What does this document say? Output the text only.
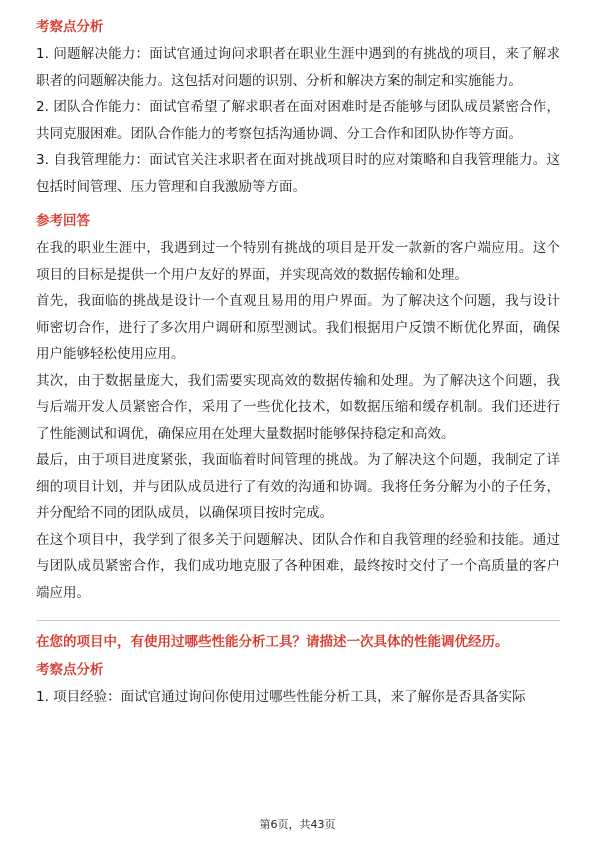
考察点分析

1. 问题解决能力：面试官通过询问求职者在职业生涯中遇到的有挑战的项目，来了解求职者的问题解决能力。这包括对问题的识别、分析和解决方案的制定和实施能力。

2. 团队合作能力：面试官希望了解求职者在面对困难时是否能够与团队成员紧密合作，共同克服困难。团队合作能力的考察包括沟通协调、分工合作和团队协作等方面。

3. 自我管理能力：面试官关注求职者在面对挑战项目时的应对策略和自我管理能力。这包括时间管理、压力管理和自我激励等方面。

参考回答

在我的职业生涯中，我遇到过一个特别有挑战的项目是开发一款新的客户端应用。这个项目的目标是提供一个用户友好的界面，并实现高效的数据传输和处理。

首先，我面临的挑战是设计一个直观且易用的用户界面。为了解决这个问题，我与设计师密切合作，进行了多次用户调研和原型测试。我们根据用户反馈不断优化界面，确保用户能够轻松使用应用。

其次，由于数据量庞大，我们需要实现高效的数据传输和处理。为了解决这个问题，我与后端开发人员紧密合作，采用了一些优化技术，如数据压缩和缓存机制。我们还进行了性能测试和调优，确保应用在处理大量数据时能够保持稳定和高效。

最后，由于项目进度紧张，我面临着时间管理的挑战。为了解决这个问题，我制定了详细的项目计划，并与团队成员进行了有效的沟通和协调。我将任务分解为小的子任务，并分配给不同的团队成员，以确保项目按时完成。

在这个项目中，我学到了很多关于问题解决、团队合作和自我管理的经验和技能。通过与团队成员紧密合作，我们成功地克服了各种困难，最终按时交付了一个高质量的客户端应用。

在您的项目中，有使用过哪些性能分析工具？请描述一次具体的性能调优经历。
考察点分析

1. 项目经验：面试官通过询问你使用过哪些性能分析工具，来了解你是否具备实际

第6页，共43页
